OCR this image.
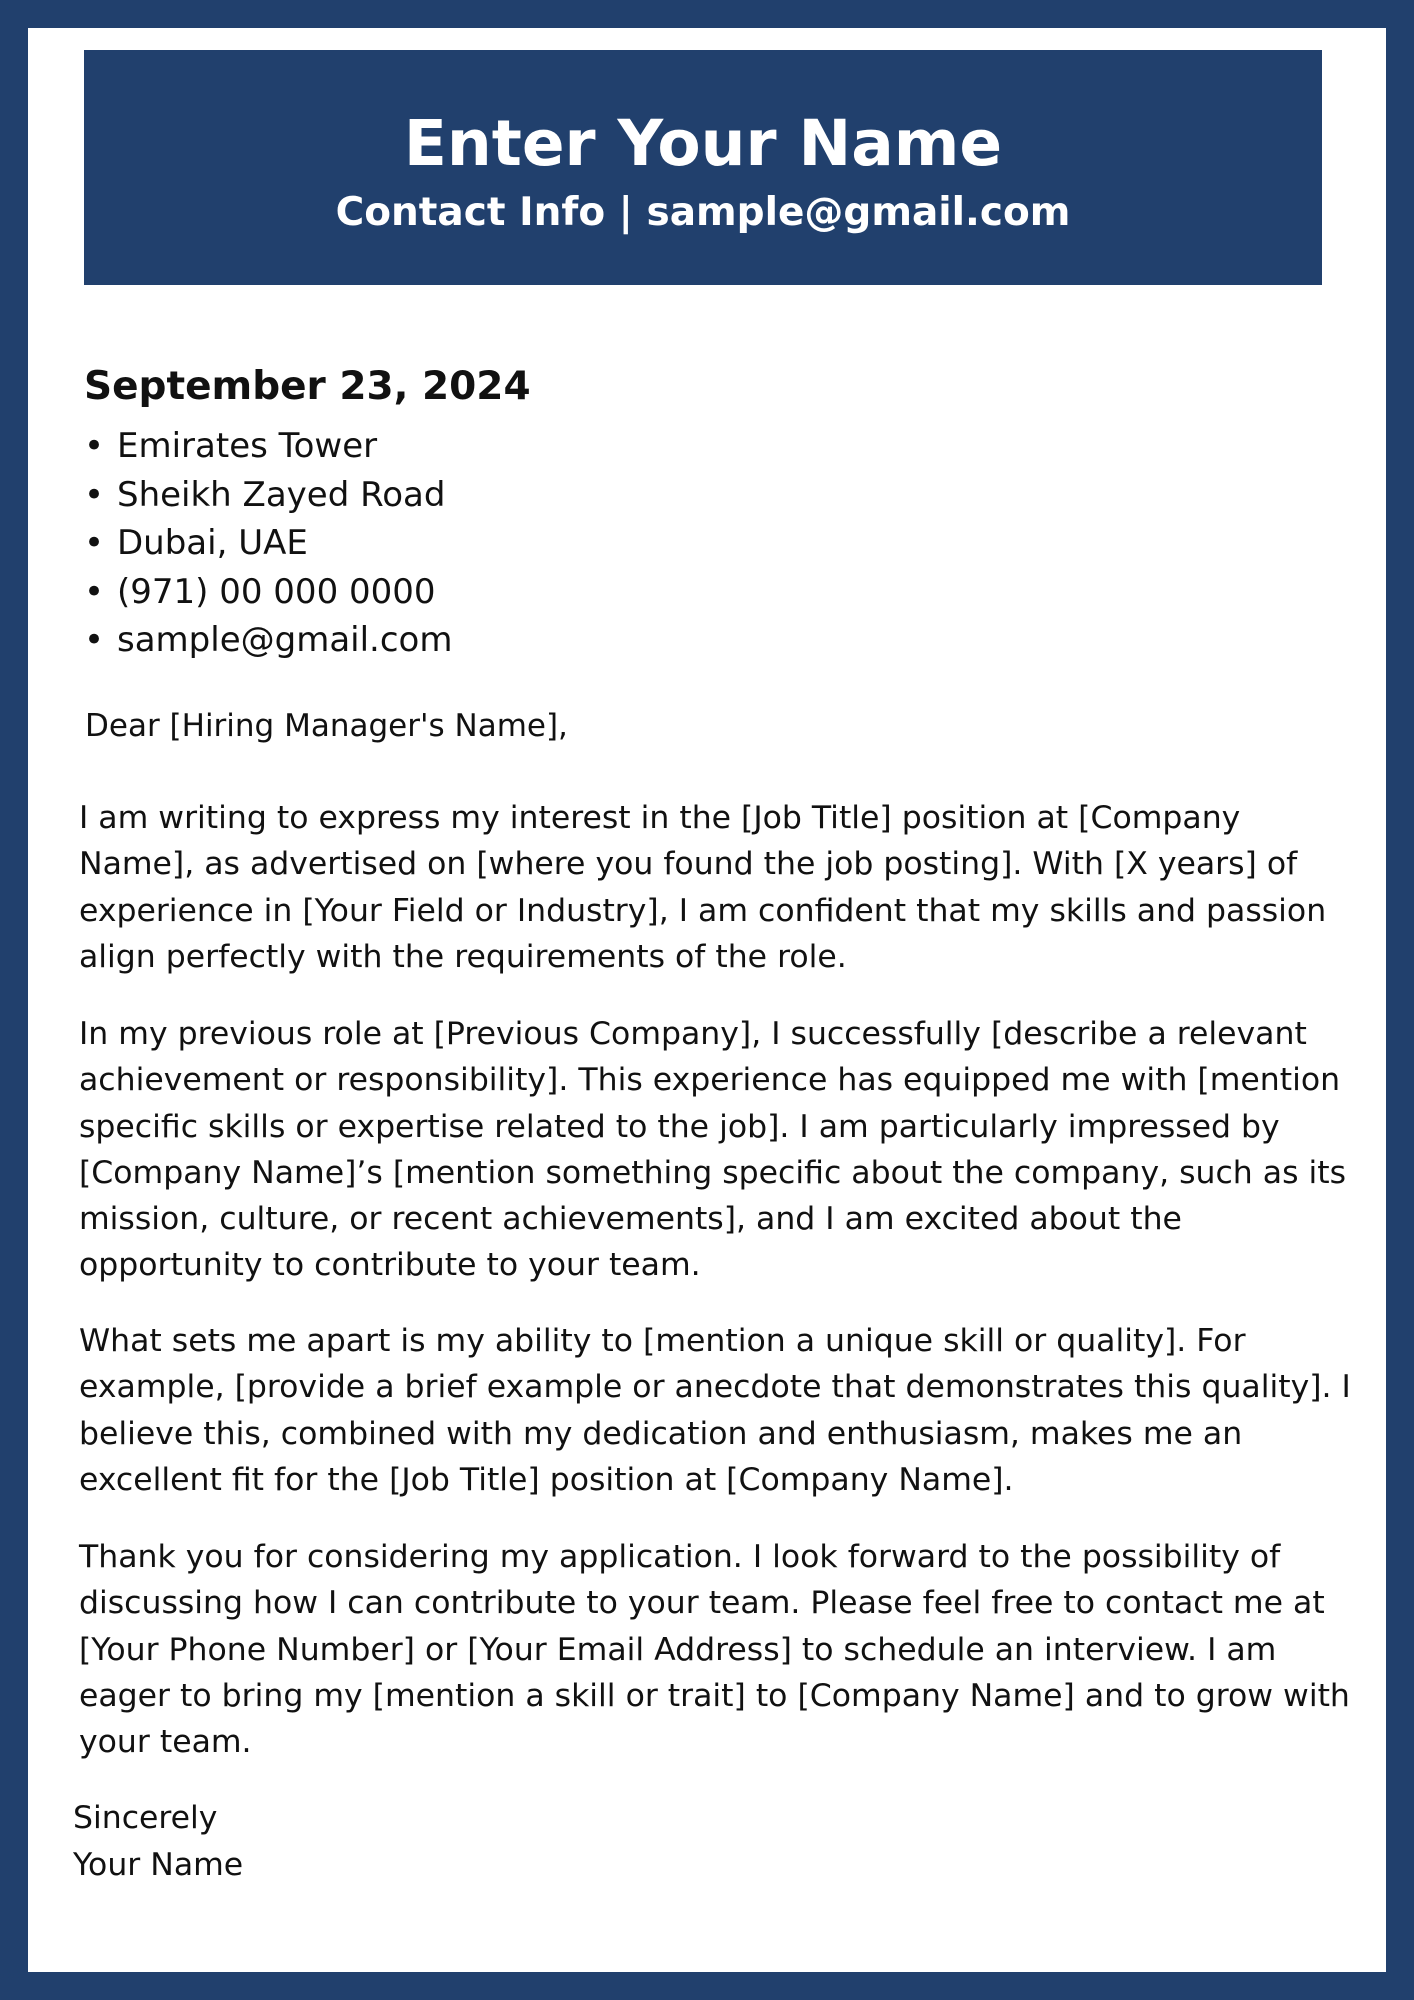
Enter Your Name
Contact Info | sample@gmail.com
September 23, 2024
• Emirates Tower
• Sheikh Zayed Road
• Dubai, UAE
• (971) 00 000 0000
• sample@gmail.com
Dear [Hiring Manager's Name],

I am writing to express my interest in the [Job Title] position at [Company Name], as advertised on [where you found the job posting]. With [X years] of experience in [Your Field or Industry], I am confident that my skills and passion align perfectly with the requirements of the role.

In my previous role at [Previous Company], I successfully [describe a relevant achievement or responsibility]. This experience has equipped me with [mention specific skills or expertise related to the job]. I am particularly impressed by [Company Name]’s [mention something specific about the company, such as its mission, culture, or recent achievements], and I am excited about the opportunity to contribute to your team.

What sets me apart is my ability to [mention a unique skill or quality]. For example, [provide a brief example or anecdote that demonstrates this quality]. I believe this, combined with my dedication and enthusiasm, makes me an excellent fit for the [Job Title] position at [Company Name].

Thank you for considering my application. I look forward to the possibility of discussing how I can contribute to your team. Please feel free to contact me at [Your Phone Number] or [Your Email Address] to schedule an interview. I am eager to bring my [mention a skill or trait] to [Company Name] and to grow with your team.

Sincerely
Your Name
